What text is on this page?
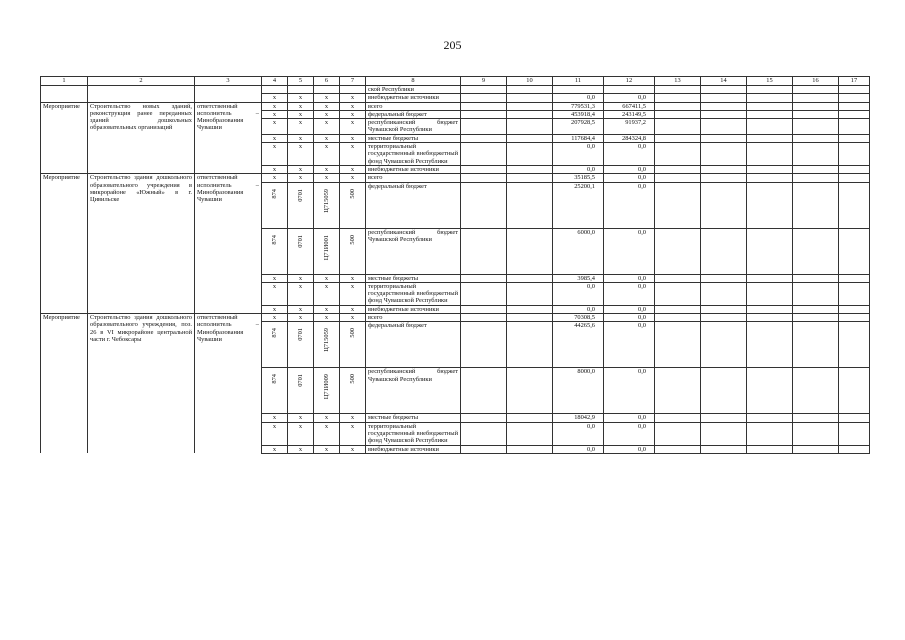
205
1	2	3	4	5	6	7	8	9	10	11	12	13	14	15	16	17
							ской Республики									
			х	х	х	х	внебюджетные источники			0,0	0,0					
Мероприятие	Строительство новых зданий, реконструкция ранее переданных зданий дошкольных образовательных организаций	ответственный исполнитель – Минобразования Чувашии	х	х	х	х	всего			779531,3	667411,5					
			х	х	х	х	федеральный бюджет			453918,4	243149,5					
			х	х	х	х	республиканский бюджет Чувашской Республики			207928,5	91937,2					
			х	х	х	х	местные бюджеты			117684,4	284324,8					
			х	х	х	х	территориальный государственный внебюджетный фонд Чувашской Республики			0,0	0,0					
			х	х	х	х	внебюджетные источники			0,0	0,0					
Мероприятие	Строительство здания дошкольного образовательного учреждения в микрорайоне «Южный» в г. Цивильске	ответственный исполнитель – Минобразования Чувашии	х	х	х	х	всего			35185,5	0,0					

			874	0701	Ц715059	500	федеральный бюджет			25200,1	0,0					

			874	0701	Ц71И001	500	республиканский бюджет Чувашской Республики			6000,0	0,0					
			х	х	х	х	местные бюджеты			3985,4	0,0					
			х	х	х	х	территориальный государственный внебюджетный фонд Чувашской Республики			0,0	0,0					
			х	х	х	х	внебюджетные источники			0,0	0,0					
Мероприятие	Строительство здания дошкольного образовательного учреждения, поз. 26 в VI микрорайоне центральной части г. Чебоксары	ответственный исполнитель – Минобразования Чувашии	х	х	х	х	всего			70308,5	0,0					

			874	0701	Ц715059	500	федеральный бюджет			44265,6	0,0					

			874	0701	Ц71И009	500	республиканский бюджет Чувашской Республики			8000,0	0,0					
			х	х	х	х	местные бюджеты			18042,9	0,0					
			х	х	х	х	территориальный государственный внебюджетный фонд Чувашской Республики			0,0	0,0					
			х	х	х	х	внебюджетные источники			0,0	0,0					
